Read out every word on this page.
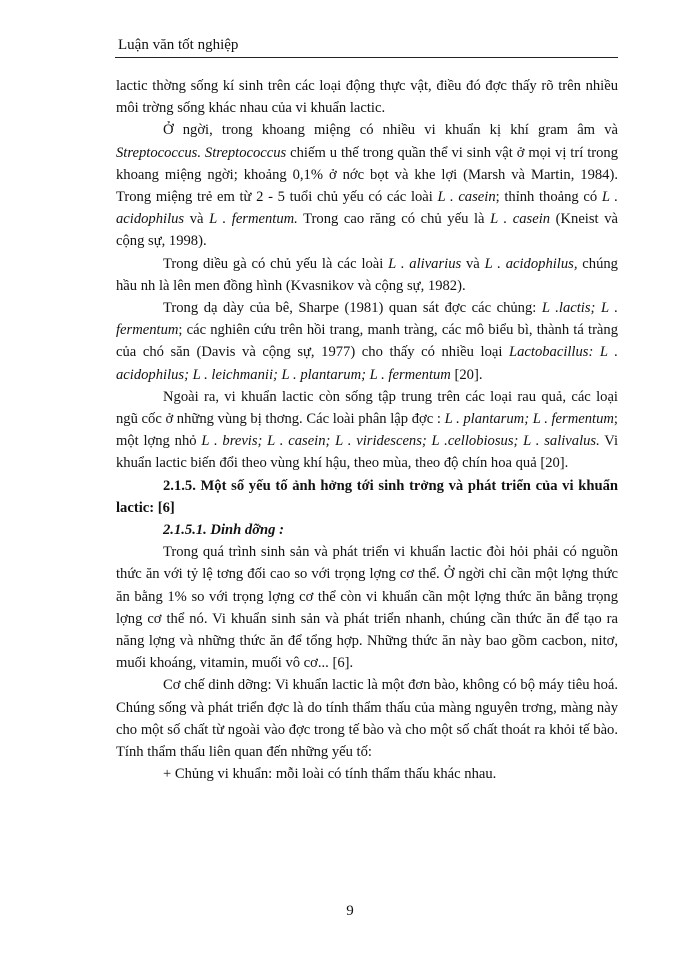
Luận văn tốt nghiệp

lactic thờng sống kí sinh trên các loại động thực vật, điều đó đợc thấy rõ trên nhiều môi trờng sống khác nhau của vi khuẩn lactic.

Ở ngời, trong khoang miệng có nhiều vi khuẩn kị khí gram âm và Streptococcus. Streptococcus chiếm u thế trong quần thể vi sinh vật ở mọi vị trí trong khoang miệng ngời; khoảng 0,1% ở nớc bọt và khe lợi (Marsh và Martin, 1984). Trong miệng trẻ em từ 2 - 5 tuổi chủ yếu có các loài L . casein; thỉnh thoảng có L . acidophilus và L . fermentum. Trong cao răng có chủ yếu là L . casein (Kneist và cộng sự, 1998).

Trong diều gà có chủ yếu là các loài L . alivarius và L . acidophilus, chúng hầu nh là lên men đồng hình (Kvasnikov và cộng sự, 1982).

Trong dạ dày của bê, Sharpe (1981) quan sát đợc các chủng: L .lactis; L . fermentum; các nghiên cứu trên hồi trang, manh tràng, các mô biểu bì, thành tá tràng của chó săn (Davis và cộng sự, 1977) cho thấy có nhiều loại Lactobacillus: L . acidophilus; L . leichmanii; L . plantarum; L . fermentum [20].

Ngoài ra, vi khuẩn lactic còn sống tập trung trên các loại rau quả, các loại ngũ cốc ở những vùng bị thơng. Các loài phân lập đợc : L . plantarum; L . fermentum; một lợng nhỏ L . brevis; L . casein; L . viridescens; L .cellobiosus; L . salivalus. Vi khuẩn lactic biến đổi theo vùng khí hậu, theo mùa, theo độ chín hoa quả [20].

2.1.5. Một số yếu tố ảnh hởng tới sinh trởng và phát triển của vi khuẩn lactic: [6]

2.1.5.1. Dinh dỡng :

Trong quá trình sinh sản và phát triển vi khuẩn lactic đòi hỏi phải có nguồn thức ăn với tỷ lệ tơng đối cao so với trọng lợng cơ thể. Ở ngời chỉ cần một lợng thức ăn bằng 1% so với trọng lợng cơ thể còn vi khuẩn cần một lợng thức ăn bằng trọng lợng cơ thể nó. Vi khuẩn sinh sản và phát triển nhanh, chúng cần thức ăn để tạo ra năng lợng và những thức ăn để tổng hợp. Những thức ăn này bao gồm cacbon, nitơ, muối khoáng, vitamin, muối vô cơ... [6].

Cơ chế dinh dỡng: Vi khuẩn lactic là một đơn bào, không có bộ máy tiêu hoá. Chúng sống và phát triển đợc là do tính thẩm thấu của màng nguyên trơng, màng này cho một số chất từ ngoài vào đợc trong tế bào và cho một số chất thoát ra khỏi tế bào. Tính thẩm thấu liên quan đến những yếu tố:

+ Chủng vi khuẩn: mỗi loài có tính thẩm thấu khác nhau.

9
